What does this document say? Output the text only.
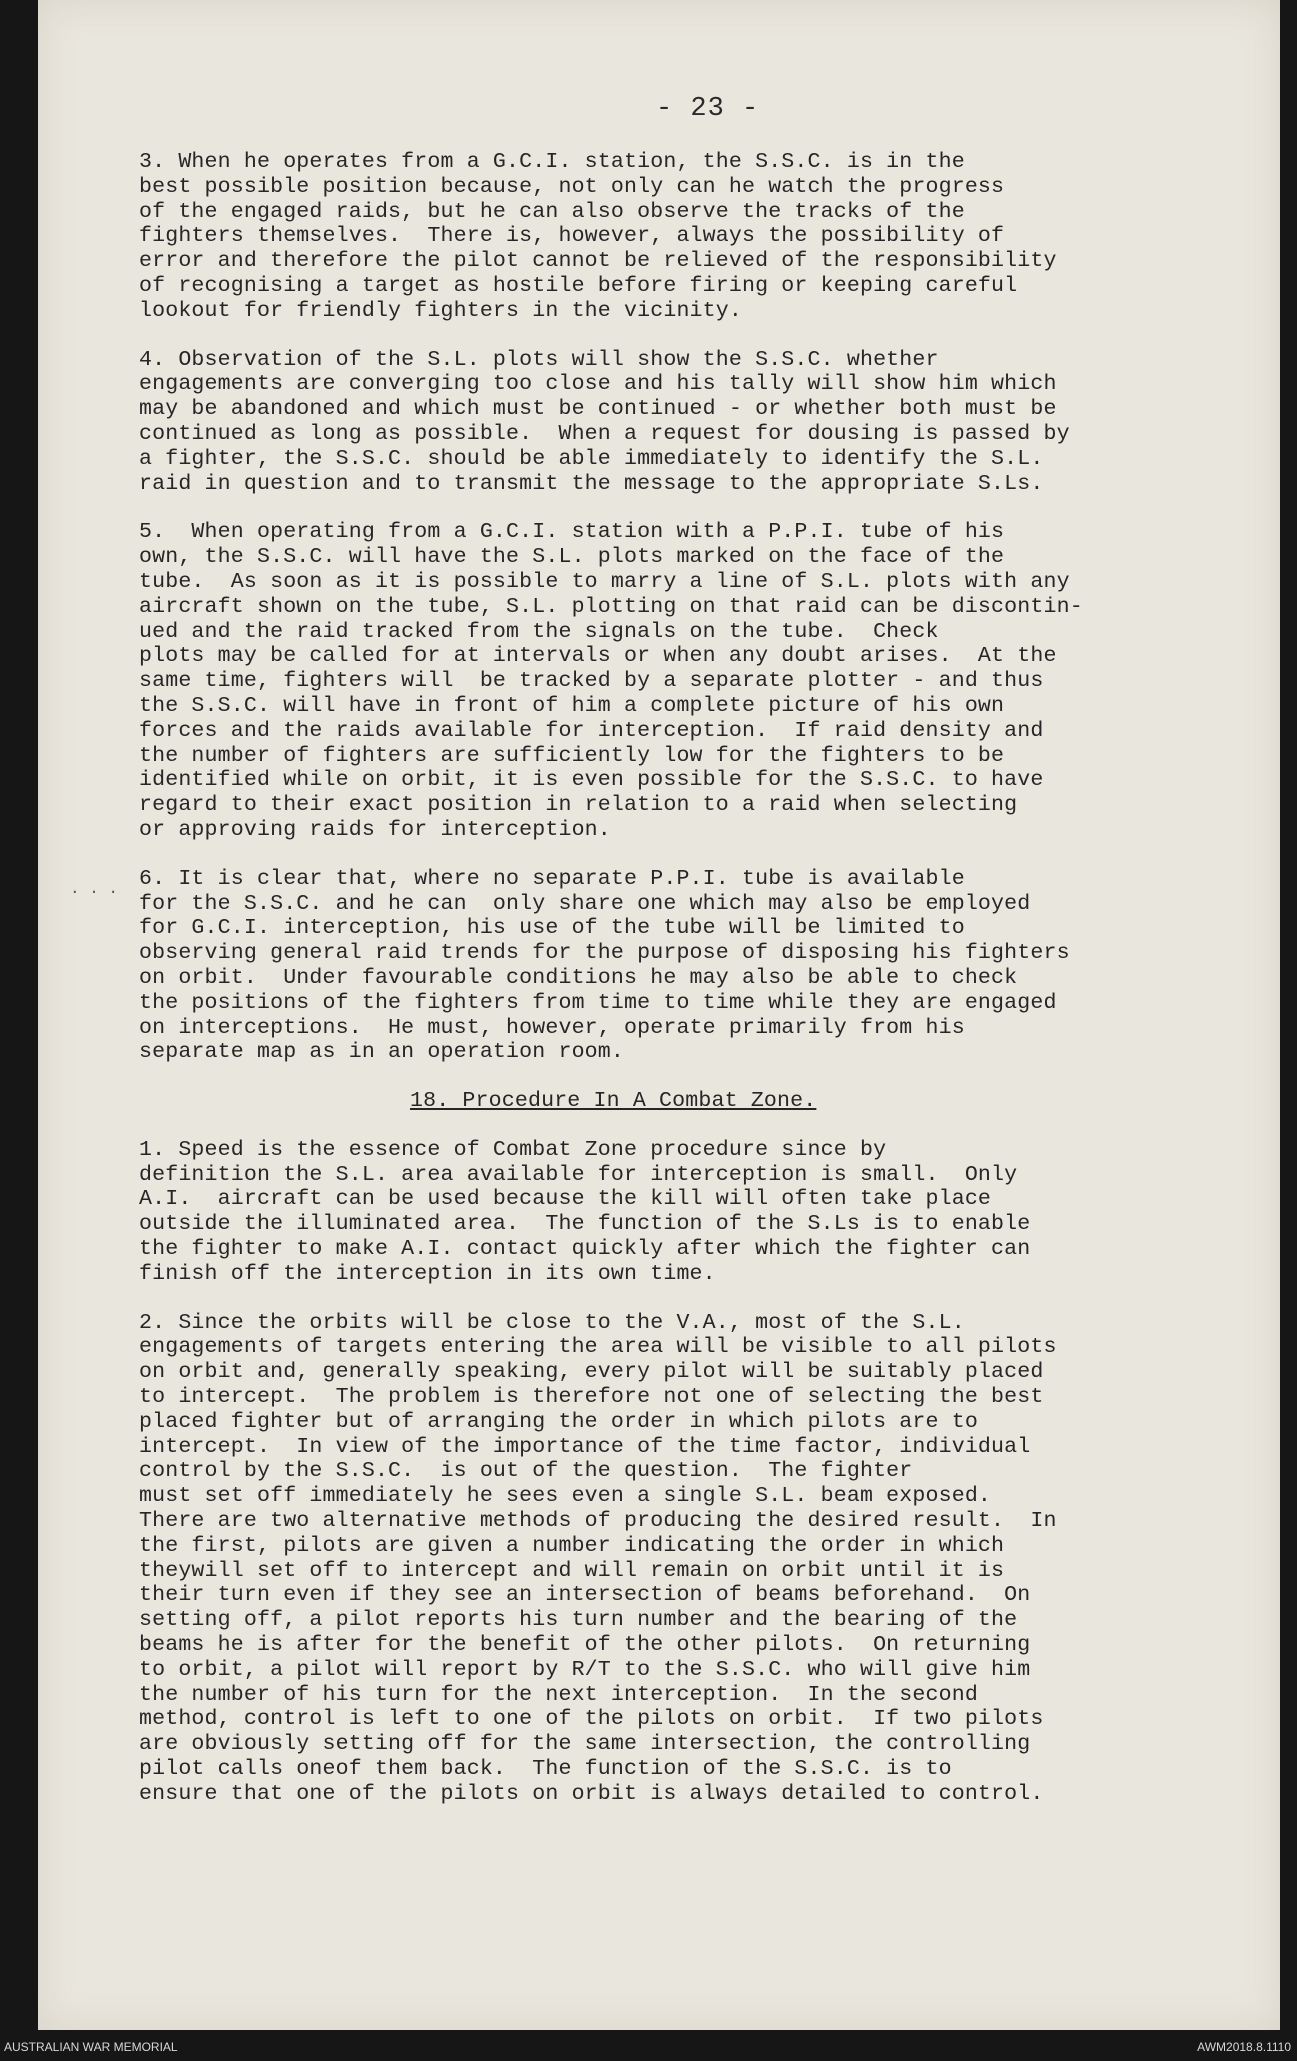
- 23 -
3. When he operates from a G.C.I. station, the S.S.C. is in the
best possible position because, not only can he watch the progress
of the engaged raids, but he can also observe the tracks of the
fighters themselves.  There is, however, always the possibility of
error and therefore the pilot cannot be relieved of the responsibility
of recognising a target as hostile before firing or keeping careful
lookout for friendly fighters in the vicinity.
4. Observation of the S.L. plots will show the S.S.C. whether
engagements are converging too close and his tally will show him which
may be abandoned and which must be continued - or whether both must be
continued as long as possible.  When a request for dousing is passed by
a fighter, the S.S.C. should be able immediately to identify the S.L.
raid in question and to transmit the message to the appropriate S.Ls.
5.  When operating from a G.C.I. station with a P.P.I. tube of his
own, the S.S.C. will have the S.L. plots marked on the face of the
tube.  As soon as it is possible to marry a line of S.L. plots with any
aircraft shown on the tube, S.L. plotting on that raid can be discontin-
ued and the raid tracked from the signals on the tube.  Check
plots may be called for at intervals or when any doubt arises.  At the
same time, fighters will  be tracked by a separate plotter - and thus
the S.S.C. will have in front of him a complete picture of his own
forces and the raids available for interception.  If raid density and
the number of fighters are sufficiently low for the fighters to be
identified while on orbit, it is even possible for the S.S.C. to have
regard to their exact position in relation to a raid when selecting
or approving raids for interception.
6. It is clear that, where no separate P.P.I. tube is available
for the S.S.C. and he can  only share one which may also be employed
for G.C.I. interception, his use of the tube will be limited to
observing general raid trends for the purpose of disposing his fighters
on orbit.  Under favourable conditions he may also be able to check
the positions of the fighters from time to time while they are engaged
on interceptions.  He must, however, operate primarily from his
separate map as in an operation room.
18. Procedure In A Combat Zone.
1. Speed is the essence of Combat Zone procedure since by
definition the S.L. area available for interception is small.  Only
A.I.  aircraft can be used because the kill will often take place
outside the illuminated area.  The function of the S.Ls is to enable
the fighter to make A.I. contact quickly after which the fighter can
finish off the interception in its own time.
2. Since the orbits will be close to the V.A., most of the S.L.
engagements of targets entering the area will be visible to all pilots
on orbit and, generally speaking, every pilot will be suitably placed
to intercept.  The problem is therefore not one of selecting the best
placed fighter but of arranging the order in which pilots are to
intercept.  In view of the importance of the time factor, individual
control by the S.S.C.  is out of the question.  The fighter
must set off immediately he sees even a single S.L. beam exposed.
There are two alternative methods of producing the desired result.  In
the first, pilots are given a number indicating the order in which
theywill set off to intercept and will remain on orbit until it is
their turn even if they see an intersection of beams beforehand.  On
setting off, a pilot reports his turn number and the bearing of the
beams he is after for the benefit of the other pilots.  On returning
to orbit, a pilot will report by R/T to the S.S.C. who will give him
the number of his turn for the next interception.  In the second
method, control is left to one of the pilots on orbit.  If two pilots
are obviously setting off for the same intersection, the controlling
pilot calls oneof them back.  The function of the S.S.C. is to
ensure that one of the pilots on orbit is always detailed to control.
. . .
AUSTRALIAN WAR MEMORIAL	AWM2018.8.1110
